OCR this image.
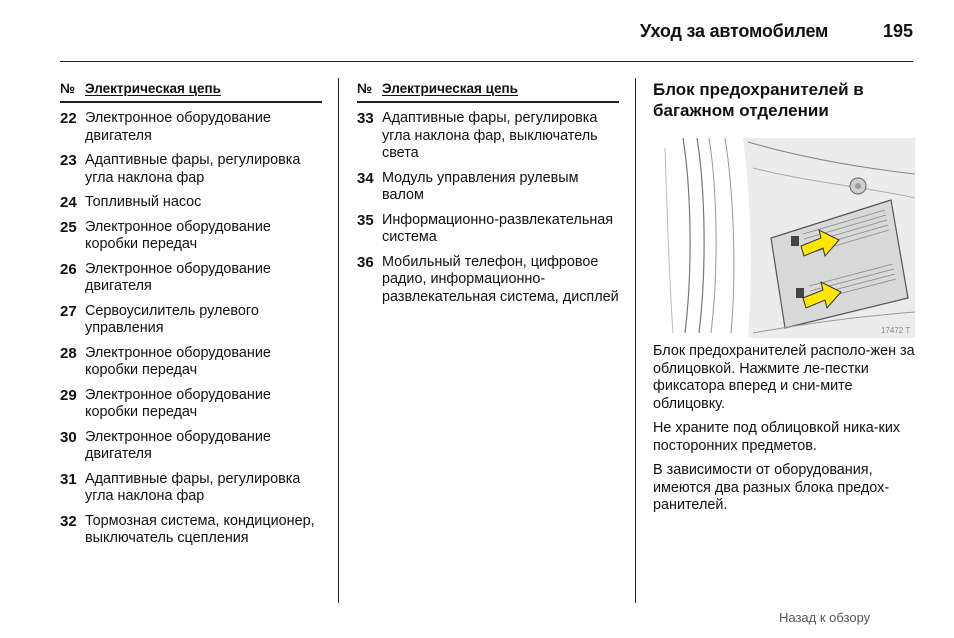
Уход за автомобилем	195
№ Электрическая цепь
22 Электронное оборудование двигателя
23 Адаптивные фары, регулировка угла наклона фар
24 Топливный насос
25 Электронное оборудование коробки передач
26 Электронное оборудование двигателя
27 Сервоусилитель рулевого управления
28 Электронное оборудование коробки передач
29 Электронное оборудование коробки передач
30 Электронное оборудование двигателя
31 Адаптивные фары, регулировка угла наклона фар
32 Тормозная система, кондиционер, выключатель сцепления
№ Электрическая цепь
33 Адаптивные фары, регулировка угла наклона фар, выключатель света
34 Модуль управления рулевым валом
35 Информационно-развлекательная система
36 Мобильный телефон, цифровое радио, информационно-развлекательная система, дисплей
Блок предохранителей в багажном отделении
17472 T

Блок предохранителей располо-жен за облицовкой. Нажмите ле-пестки фиксатора вперед и сни-мите облицовку.

Не храните под облицовкой ника-ких посторонних предметов.

В зависимости от оборудования, имеются два разных блока предох-ранителей.

Назад к обзору
